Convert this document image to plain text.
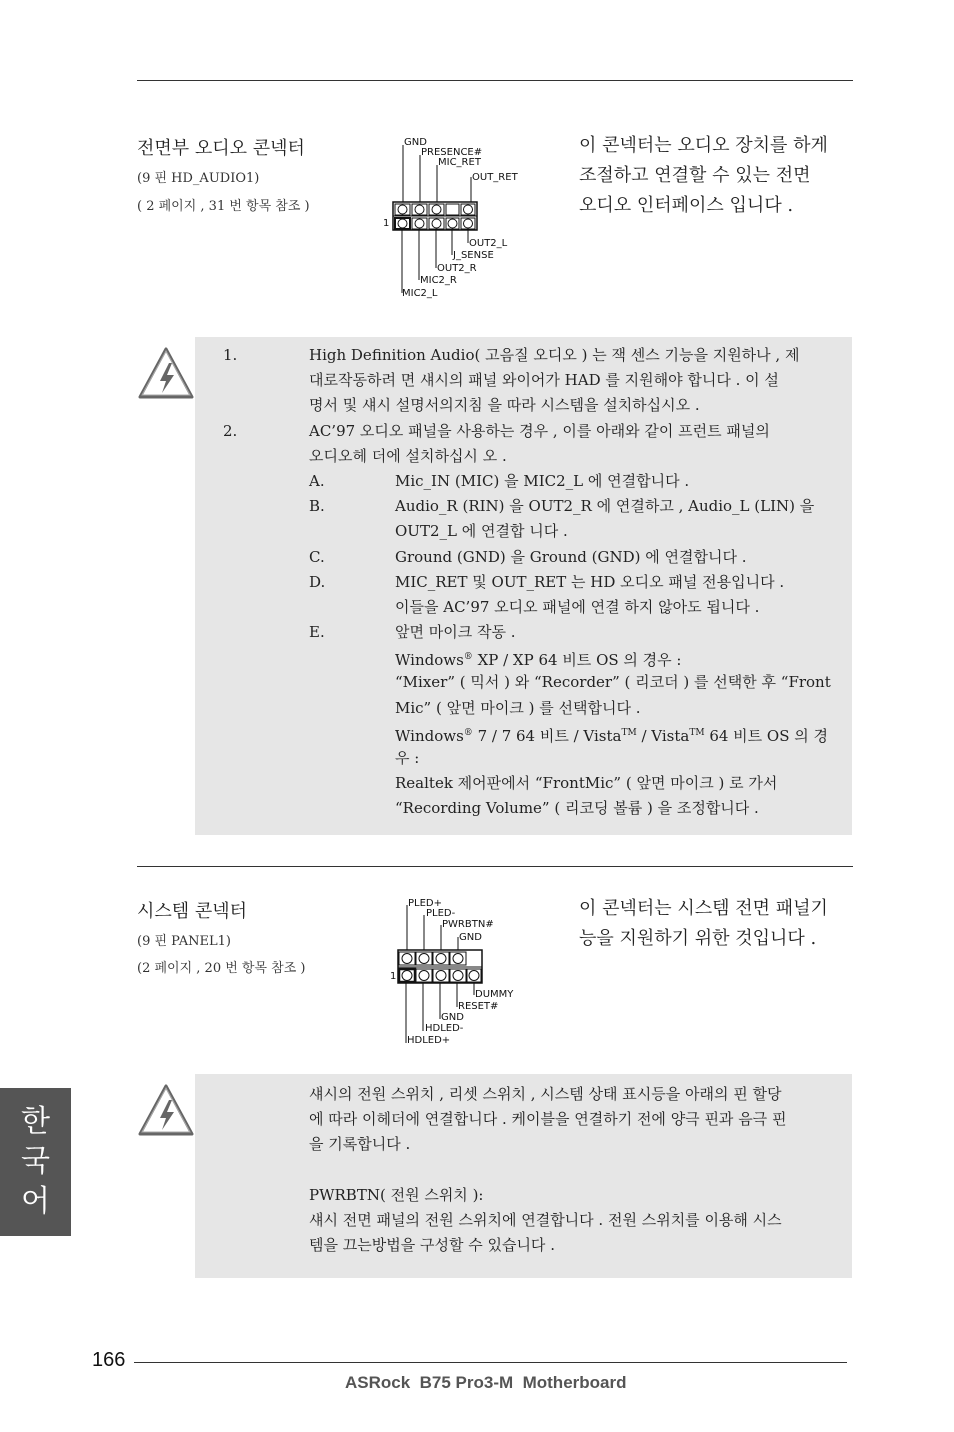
전면부 오디오 콘넥터
(9 핀 HD_AUDIO1)
( 2 페이지 , 31 번 항목 참조 )
이 콘넥터는 오디오 장치를 하게
조절하고 연결할 수 있는 전면
오디오 인터페이스 입니다 .
GND
PRESENCE#
MIC_RET
OUT_RET
1
OUT2_L
J_SENSE
OUT2_R
MIC2_R
MIC2_L
1.	High Definition Audio( 고음질 오디오 ) 는 잭 센스 기능을 지원하나 , 제
대로작동하려 면 섀시의 패널 와이어가 HAD 를 지원해야 합니다 . 이 설
명서 및 섀시 설명서의지침 을 따라 시스템을 설치하십시오 .
2.	AC’97 오디오 패널을 사용하는 경우 , 이를 아래와 같이 프런트 패널의
오디오헤 더에 설치하십시 오 .
A.	Mic_IN (MIC) 을 MIC2_L 에 연결합니다 .
B.	Audio_R (RIN) 을 OUT2_R 에 연결하고 , Audio_L (LIN) 을
OUT2_L 에 연결합 니다 .
C.	Ground (GND) 을 Ground (GND) 에 연결합니다 .
D.	MIC_RET 및 OUT_RET 는 HD 오디오 패널 전용입니다 .
이들을 AC’97 오디오 패널에 연결 하지 않아도 됩니다 .
E.	앞면 마이크 작동 .
Windows® XP / XP 64 비트 OS 의 경우 :
“Mixer” ( 믹서 ) 와 “Recorder” ( 리코더 ) 를 선택한 후 “Front
Mic” ( 앞면 마이크 ) 를 선택합니다 .
Windows® 7 / 7 64 비트 / Vista™ / Vista™ 64 비트 OS 의 경
우 :
Realtek 제어판에서 “FrontMic” ( 앞면 마이크 ) 로 가서
“Recording Volume” ( 리코딩 볼륨 ) 을 조정합니다 .
시스템 콘넥터
(9 핀 PANEL1)
(2 페이지 , 20 번 항목 참조 )
이 콘넥터는 시스템 전면 패널기
능을 지원하기 위한 것입니다 .
PLED+
PLED-
PWRBTN#
GND
1
DUMMY
RESET#
GND
HDLED-
HDLED+
섀시의 전원 스위치 , 리셋 스위치 , 시스템 상태 표시등을 아래의 핀 할당
에 따라 이헤더에 연결합니다 . 케이블을 연결하기 전에 양극 핀과 음극 핀
을 기록합니다 .
PWRBTN( 전원 스위치 ):
섀시 전면 패널의 전원 스위치에 연결합니다 . 전원 스위치를 이용해 시스
템을 끄는방법을 구성할 수 있습니다 .
한
국
어
166
ASRock  B75 Pro3-M  Motherboard
